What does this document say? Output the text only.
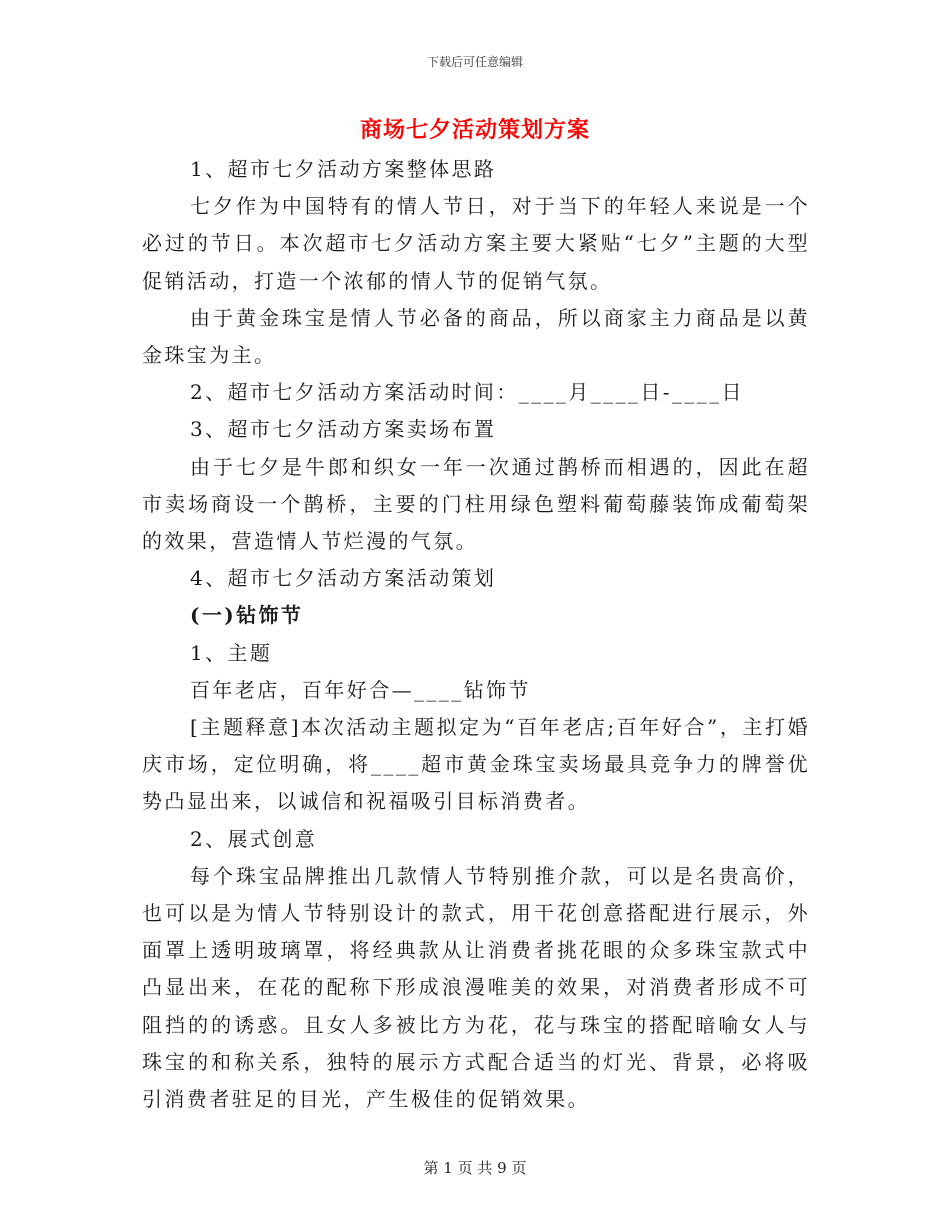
下载后可任意编辑
商场七夕活动策划方案

1、超市七夕活动方案整体思路

七夕作为中国特有的情人节日，对于当下的年轻人来说是一个必过的节日。本次超市七夕活动方案主要大紧贴“七夕”主题的大型促销活动，打造一个浓郁的情人节的促销气氛。

由于黄金珠宝是情人节必备的商品，所以商家主力商品是以黄金珠宝为主。

2、超市七夕活动方案活动时间：____月____日-____日

3、超市七夕活动方案卖场布置

由于七夕是牛郎和织女一年一次通过鹊桥而相遇的，因此在超市卖场商设一个鹊桥，主要的门柱用绿色塑料葡萄藤装饰成葡萄架的效果，营造情人节烂漫的气氛。

4、超市七夕活动方案活动策划

(一)钻饰节

1、主题

百年老店，百年好合—____钻饰节

[主题释意]本次活动主题拟定为“百年老店;百年好合”，主打婚庆市场，定位明确，将____超市黄金珠宝卖场最具竞争力的牌誉优势凸显出来，以诚信和祝福吸引目标消费者。

2、展式创意

每个珠宝品牌推出几款情人节特别推介款，可以是名贵高价，也可以是为情人节特别设计的款式，用干花创意搭配进行展示，外面罩上透明玻璃罩，将经典款从让消费者挑花眼的众多珠宝款式中凸显出来，在花的配称下形成浪漫唯美的效果，对消费者形成不可阻挡的的诱惑。且女人多被比方为花，花与珠宝的搭配暗喻女人与珠宝的和称关系，独特的展示方式配合适当的灯光、背景，必将吸引消费者驻足的目光，产生极佳的促销效果。

第 1 页 共 9 页
